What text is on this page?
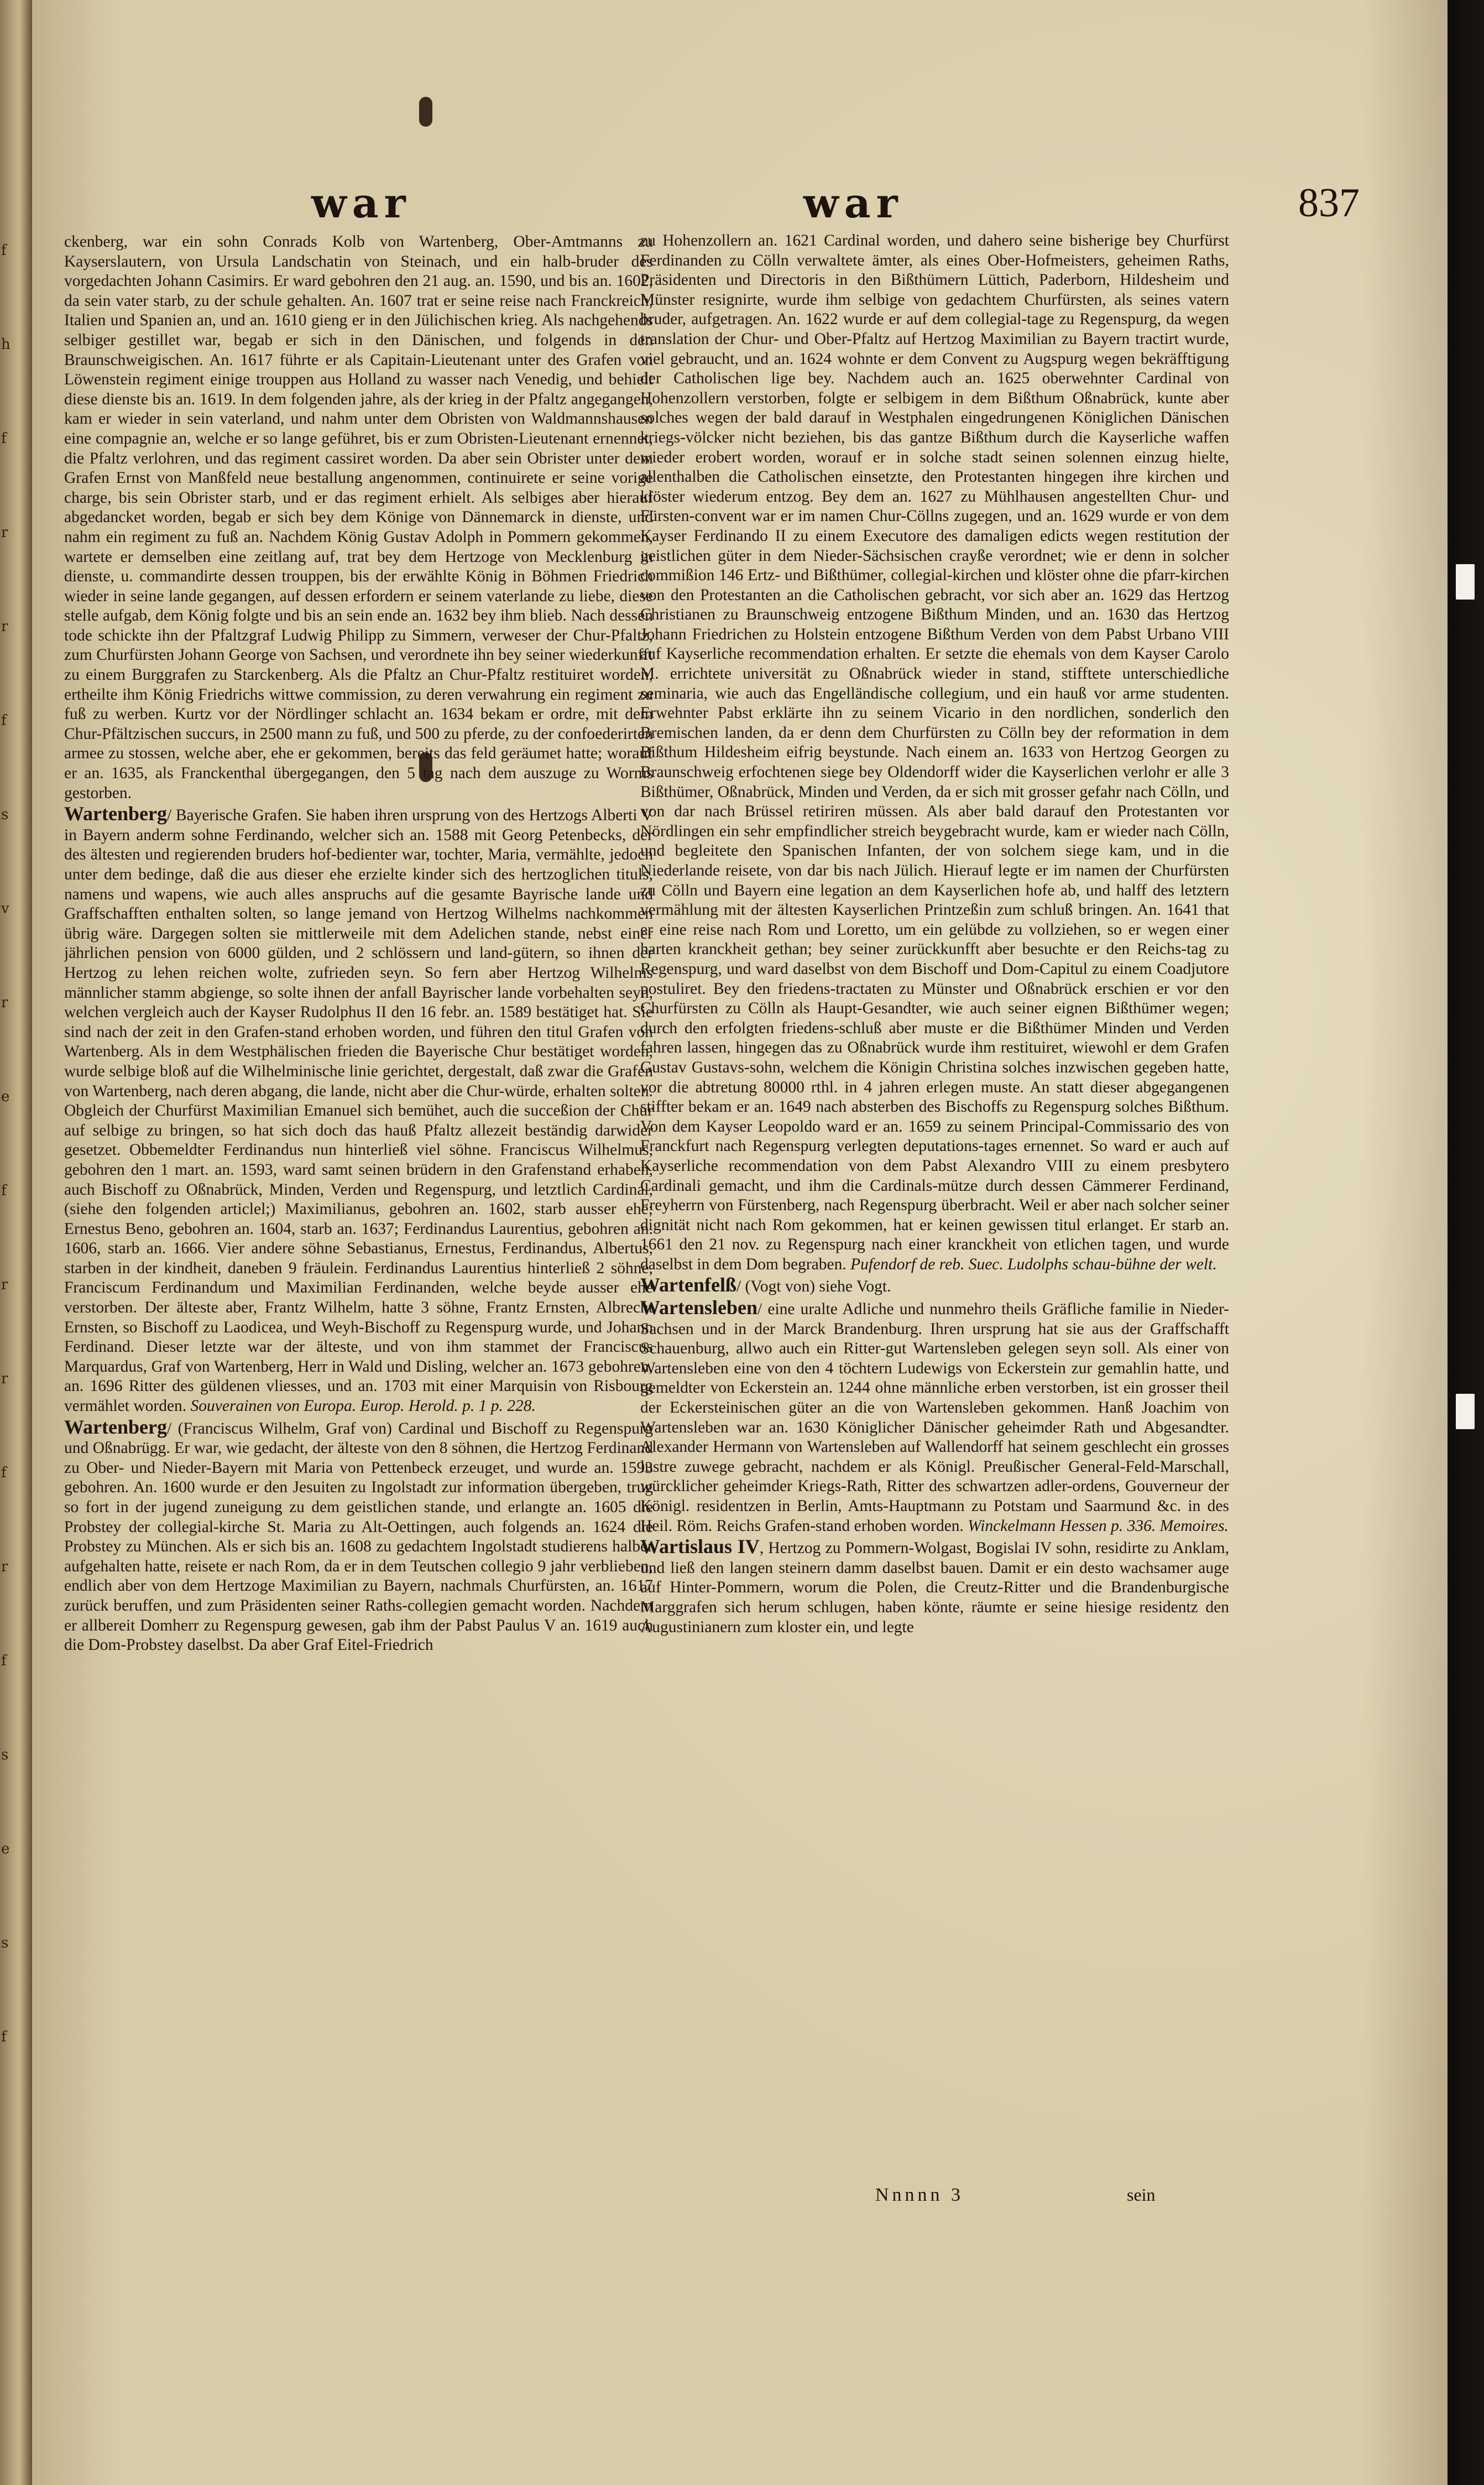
f
h
f
r
r
f
s
v
r
e
f
r
r
f
r
f
s
e
s
f
war	war	837

ckenberg, war ein sohn Conrads Kolb von Wartenberg, Ober-Amtmanns zu Kayserslautern, von Ursula Landschatin von Steinach, und ein halb-bruder des vorgedachten Johann Casimirs. Er ward gebohren den 21 aug. an. 1590, und bis an. 1602, da sein vater starb, zu der schule gehalten. An. 1607 trat er seine reise nach Franckreich, Italien und Spanien an, und an. 1610 gieng er in den Jülichischen krieg. Als nachgehends selbiger gestillet war, begab er sich in den Dänischen, und folgends in den Braunschweigischen. An. 1617 führte er als Capitain-Lieutenant unter des Grafen von Löwenstein regiment einige trouppen aus Holland zu wasser nach Venedig, und behielt diese dienste bis an. 1619. In dem folgenden jahre, als der krieg in der Pfaltz angegangen, kam er wieder in sein vaterland, und nahm unter dem Obristen von Waldmannshausen eine compagnie an, welche er so lange geführet, bis er zum Obristen-Lieutenant ernennet, die Pfaltz verlohren, und das regiment cassiret worden. Da aber sein Obrister unter dem Grafen Ernst von Manßfeld neue bestallung angenommen, continuirete er seine vorige charge, bis sein Obrister starb, und er das regiment erhielt. Als selbiges aber hierauf abgedancket worden, begab er sich bey dem Könige von Dännemarck in dienste, und nahm ein regiment zu fuß an. Nachdem König Gustav Adolph in Pommern gekommen, wartete er demselben eine zeitlang auf, trat bey dem Hertzoge von Mecklenburg in dienste, u. commandirte dessen trouppen, bis der erwählte König in Böhmen Friedrich wieder in seine lande gegangen, auf dessen erfordern er seinem vaterlande zu liebe, diese stelle aufgab, dem König folgte und bis an sein ende an. 1632 bey ihm blieb. Nach dessen tode schickte ihn der Pfaltzgraf Ludwig Philipp zu Simmern, verweser der Chur-Pfaltz, zum Churfürsten Johann George von Sachsen, und verordnete ihn bey seiner wiederkunfft zu einem Burggrafen zu Starckenberg. Als die Pfaltz an Chur-Pfaltz restituiret worden, ertheilte ihm König Friedrichs wittwe commission, zu deren verwahrung ein regiment zu fuß zu werben. Kurtz vor der Nördlinger schlacht an. 1634 bekam er ordre, mit dem Chur-Pfältzischen succurs, in 2500 mann zu fuß, und 500 zu pferde, zu der confoederirten armee zu stossen, welche aber, ehe er gekommen, bereits das feld geräumet hatte; worauf er an. 1635, als Franckenthal übergegangen, den 5 tag nach dem auszuge zu Worms gestorben.

Wartenberg/ Bayerische Grafen. Sie haben ihren ursprung von des Hertzogs Alberti V in Bayern anderm sohne Ferdinando, welcher sich an. 1588 mit Georg Petenbecks, der des ältesten und regierenden bruders hof-bedienter war, tochter, Maria, vermählte, jedoch unter dem bedinge, daß die aus dieser ehe erzielte kinder sich des hertzoglichen tituls, namens und wapens, wie auch alles anspruchs auf die gesamte Bayrische lande und Graffschafften enthalten solten, so lange jemand von Hertzog Wilhelms nachkommen übrig wäre. Dargegen solten sie mittlerweile mit dem Adelichen stande, nebst einer jährlichen pension von 6000 gülden, und 2 schlössern und land-gütern, so ihnen der Hertzog zu lehen reichen wolte, zufrieden seyn. So fern aber Hertzog Wilhelms männlicher stamm abgienge, so solte ihnen der anfall Bayrischer lande vorbehalten seyn, welchen vergleich auch der Kayser Rudolphus II den 16 febr. an. 1589 bestätiget hat. Sie sind nach der zeit in den Grafen-stand erhoben worden, und führen den titul Grafen von Wartenberg. Als in dem Westphälischen frieden die Bayerische Chur bestätiget worden, wurde selbige bloß auf die Wilhelminische linie gerichtet, dergestalt, daß zwar die Grafen von Wartenberg, nach deren abgang, die lande, nicht aber die Chur-würde, erhalten solten. Obgleich der Churfürst Maximilian Emanuel sich bemühet, auch die succeßion der Chur auf selbige zu bringen, so hat sich doch das hauß Pfaltz allezeit beständig darwider gesetzet. Obbemeldter Ferdinandus nun hinterließ viel söhne. Franciscus Wilhelmus, gebohren den 1 mart. an. 1593, ward samt seinen brüdern in den Grafenstand erhaben, auch Bischoff zu Oßnabrück, Minden, Verden und Regenspurg, und letztlich Cardinal, (siehe den folgenden articlel;) Maximilianus, gebohren an. 1602, starb ausser ehe; Ernestus Beno, gebohren an. 1604, starb an. 1637; Ferdinandus Laurentius, gebohren an. 1606, starb an. 1666. Vier andere söhne Sebastianus, Ernestus, Ferdinandus, Albertus, starben in der kindheit, daneben 9 fräulein. Ferdinandus Laurentius hinterließ 2 söhne, Franciscum Ferdinandum und Maximilian Ferdinanden, welche beyde ausser ehe verstorben. Der älteste aber, Frantz Wilhelm, hatte 3 söhne, Frantz Ernsten, Albrecht Ernsten, so Bischoff zu Laodicea, und Weyh-Bischoff zu Regenspurg wurde, und Johann Ferdinand. Dieser letzte war der älteste, und von ihm stammet der Franciscus Marquardus, Graf von Wartenberg, Herr in Wald und Disling, welcher an. 1673 gebohren, an. 1696 Ritter des güldenen vliesses, und an. 1703 mit einer Marquisin von Risbourg vermählet worden. Souverainen von Europa. Europ. Herold. p. 1 p. 228.

Wartenberg/ (Franciscus Wilhelm, Graf von) Cardinal und Bischoff zu Regenspurg und Oßnabrügg. Er war, wie gedacht, der älteste von den 8 söhnen, die Hertzog Ferdinand zu Ober- und Nieder-Bayern mit Maria von Pettenbeck erzeuget, und wurde an. 1593 gebohren. An. 1600 wurde er den Jesuiten zu Ingolstadt zur information übergeben, trug so fort in der jugend zuneigung zu dem geistlichen stande, und erlangte an. 1605 die Probstey der collegial-kirche St. Maria zu Alt-Oettingen, auch folgends an. 1624 die Probstey zu München. Als er sich bis an. 1608 zu gedachtem Ingolstadt studierens halber aufgehalten hatte, reisete er nach Rom, da er in dem Teutschen collegio 9 jahr verblieben, endlich aber von dem Hertzoge Maximilian zu Bayern, nachmals Churfürsten, an. 1617 zurück beruffen, und zum Präsidenten seiner Raths-collegien gemacht worden. Nachdem er allbereit Domherr zu Regenspurg gewesen, gab ihm der Pabst Paulus V an. 1619 auch die Dom-Probstey daselbst. Da aber Graf Eitel-Friedrich

zu Hohenzollern an. 1621 Cardinal worden, und dahero seine bisherige bey Churfürst Ferdinanden zu Cölln verwaltete ämter, als eines Ober-Hofmeisters, geheimen Raths, Präsidenten und Directoris in den Bißthümern Lüttich, Paderborn, Hildesheim und Münster resignirte, wurde ihm selbige von gedachtem Churfürsten, als seines vatern bruder, aufgetragen. An. 1622 wurde er auf dem collegial-tage zu Regenspurg, da wegen translation der Chur- und Ober-Pfaltz auf Hertzog Maximilian zu Bayern tractirt wurde, viel gebraucht, und an. 1624 wohnte er dem Convent zu Augspurg wegen bekräfftigung der Catholischen lige bey. Nachdem auch an. 1625 oberwehnter Cardinal von Hohenzollern verstorben, folgte er selbigem in dem Bißthum Oßnabrück, kunte aber solches wegen der bald darauf in Westphalen eingedrungenen Königlichen Dänischen kriegs-völcker nicht beziehen, bis das gantze Bißthum durch die Kayserliche waffen wieder erobert worden, worauf er in solche stadt seinen solennen einzug hielte, allenthalben die Catholischen einsetzte, den Protestanten hingegen ihre kirchen und klöster wiederum entzog. Bey dem an. 1627 zu Mühlhausen angestellten Chur- und Fürsten-convent war er im namen Chur-Cöllns zugegen, und an. 1629 wurde er von dem Kayser Ferdinando II zu einem Executore des damaligen edicts wegen restitution der geistlichen güter in dem Nieder-Sächsischen crayße verordnet; wie er denn in solcher commißion 146 Ertz- und Bißthümer, collegial-kirchen und klöster ohne die pfarr-kirchen von den Protestanten an die Catholischen gebracht, vor sich aber an. 1629 das Hertzog Christianen zu Braunschweig entzogene Bißthum Minden, und an. 1630 das Hertzog Johann Friedrichen zu Holstein entzogene Bißthum Verden von dem Pabst Urbano VIII auf Kayserliche recommendation erhalten. Er setzte die ehemals von dem Kayser Carolo M. errichtete universität zu Oßnabrück wieder in stand, stifftete unterschiedliche seminaria, wie auch das Engelländische collegium, und ein hauß vor arme studenten. Erwehnter Pabst erklärte ihn zu seinem Vicario in den nordlichen, sonderlich den Bremischen landen, da er denn dem Churfürsten zu Cölln bey der reformation in dem Bißthum Hildesheim eifrig beystunde. Nach einem an. 1633 von Hertzog Georgen zu Braunschweig erfochtenen siege bey Oldendorff wider die Kayserlichen verlohr er alle 3 Bißthümer, Oßnabrück, Minden und Verden, da er sich mit grosser gefahr nach Cölln, und von dar nach Brüssel retiriren müssen. Als aber bald darauf den Protestanten vor Nördlingen ein sehr empfindlicher streich beygebracht wurde, kam er wieder nach Cölln, und begleitete den Spanischen Infanten, der von solchem siege kam, und in die Niederlande reisete, von dar bis nach Jülich. Hierauf legte er im namen der Churfürsten zu Cölln und Bayern eine legation an dem Kayserlichen hofe ab, und halff des letztern vermählung mit der ältesten Kayserlichen Printzeßin zum schluß bringen. An. 1641 that er eine reise nach Rom und Loretto, um ein gelübde zu vollziehen, so er wegen einer harten kranckheit gethan; bey seiner zurückkunfft aber besuchte er den Reichs-tag zu Regenspurg, und ward daselbst von dem Bischoff und Dom-Capitul zu einem Coadjutore postuliret. Bey den friedens-tractaten zu Münster und Oßnabrück erschien er vor den Churfürsten zu Cölln als Haupt-Gesandter, wie auch seiner eignen Bißthümer wegen; durch den erfolgten friedens-schluß aber muste er die Bißthümer Minden und Verden fahren lassen, hingegen das zu Oßnabrück wurde ihm restituiret, wiewohl er dem Grafen Gustav Gustavs-sohn, welchem die Königin Christina solches inzwischen gegeben hatte, vor die abtretung 80000 rthl. in 4 jahren erlegen muste. An statt dieser abgegangenen stiffter bekam er an. 1649 nach absterben des Bischoffs zu Regenspurg solches Bißthum. Von dem Kayser Leopoldo ward er an. 1659 zu seinem Principal-Commissario des von Franckfurt nach Regenspurg verlegten deputations-tages ernennet. So ward er auch auf Kayserliche recommendation von dem Pabst Alexandro VIII zu einem presbytero Cardinali gemacht, und ihm die Cardinals-mütze durch dessen Cämmerer Ferdinand, Freyherrn von Fürstenberg, nach Regenspurg überbracht. Weil er aber nach solcher seiner dignität nicht nach Rom gekommen, hat er keinen gewissen titul erlanget. Er starb an. 1661 den 21 nov. zu Regenspurg nach einer kranckheit von etlichen tagen, und wurde daselbst in dem Dom begraben. Pufendorf de reb. Suec. Ludolphs schau-bühne der welt.

Wartenfelß/ (Vogt von) siehe Vogt.

Wartensleben/ eine uralte Adliche und nunmehro theils Gräfliche familie in Nieder-Sachsen und in der Marck Brandenburg. Ihren ursprung hat sie aus der Graffschafft Schauenburg, allwo auch ein Ritter-gut Wartensleben gelegen seyn soll. Als einer von Wartensleben eine von den 4 töchtern Ludewigs von Eckerstein zur gemahlin hatte, und gemeldter von Eckerstein an. 1244 ohne männliche erben verstorben, ist ein grosser theil der Eckersteinischen güter an die von Wartensleben gekommen. Hanß Joachim von Wartensleben war an. 1630 Königlicher Dänischer geheimder Rath und Abgesandter. Alexander Hermann von Wartensleben auf Wallendorff hat seinem geschlecht ein grosses lustre zuwege gebracht, nachdem er als Königl. Preußischer General-Feld-Marschall, würcklicher geheimder Kriegs-Rath, Ritter des schwartzen adler-ordens, Gouverneur der Königl. residentzen in Berlin, Amts-Hauptmann zu Potstam und Saarmund &c. in des Heil. Röm. Reichs Grafen-stand erhoben worden. Winckelmann Hessen p. 336. Memoires.

Wartislaus IV, Hertzog zu Pommern-Wolgast, Bogislai IV sohn, residirte zu Anklam, und ließ den langen steinern damm daselbst bauen. Damit er ein desto wachsamer auge auf Hinter-Pommern, worum die Polen, die Creutz-Ritter und die Brandenburgische Marggrafen sich herum schlugen, haben könte, räumte er seine hiesige residentz den Augustinianern zum kloster ein, und legte

Nnnnn 3	sein
